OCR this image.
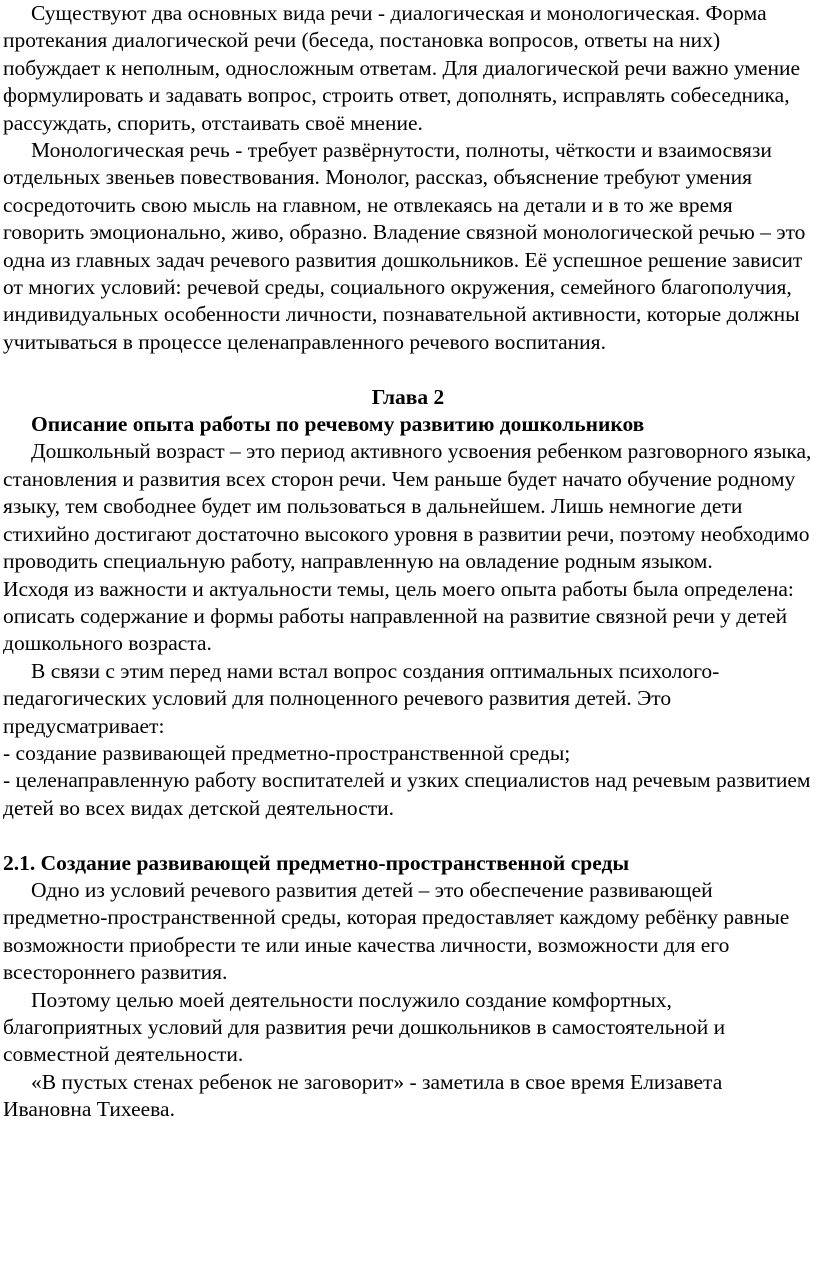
Существуют два основных вида речи - диалогическая и монологическая. Форма протекания диалогической речи (беседа, постановка вопросов, ответы на них) побуждает к неполным, односложным ответам. Для диалогической речи важно умение формулировать и задавать вопрос, строить ответ, дополнять, исправлять собеседника, рассуждать, спорить, отстаивать своё мнение.

Монологическая речь - требует развёрнутости, полноты, чёткости и взаимосвязи отдельных звеньев повествования. Монолог, рассказ, объяснение требуют умения сосредоточить свою мысль на главном, не отвлекаясь на детали и в то же время говорить эмоционально, живо, образно. Владение связной монологической речью – это одна из главных задач речевого развития дошкольников. Её успешное решение зависит от многих условий: речевой среды, социального окружения, семейного благополучия, индивидуальных особенности личности, познавательной активности, которые должны учитываться в процессе целенаправленного речевого воспитания.

Глава 2

Описание опыта работы по речевому развитию дошкольников

Дошкольный возраст – это период активного усвоения ребенком разговорного языка, становления и развития всех сторон речи. Чем раньше будет начато обучение родному языку, тем свободнее будет им пользоваться в дальнейшем. Лишь немногие дети стихийно достигают достаточно высокого уровня в развитии речи, поэтому необходимо проводить специальную работу, направленную на овладение родным языком.

Исходя из важности и актуальности темы, цель моего опыта работы была определена: описать содержание и формы работы направленной на развитие связной речи у детей дошкольного возраста.

В связи с этим перед нами встал вопрос создания оптимальных психолого-педагогических условий для полноценного речевого развития детей. Это предусматривает:

- создание развивающей предметно-пространственной среды;

- целенаправленную работу воспитателей и узких специалистов над речевым развитием детей во всех видах детской деятельности.

2.1. Создание развивающей предметно-пространственной среды

Одно из условий речевого развития детей – это обеспечение развивающей предметно-пространственной среды, которая предоставляет каждому ребёнку равные возможности приобрести те или иные качества личности, возможности для его всестороннего развития.

Поэтому целью моей деятельности послужило создание комфортных, благоприятных условий для развития речи дошкольников в самостоятельной и совместной деятельности.

«В пустых стенах ребенок не заговорит» - заметила в свое время Елизавета Ивановна Тихеева.
